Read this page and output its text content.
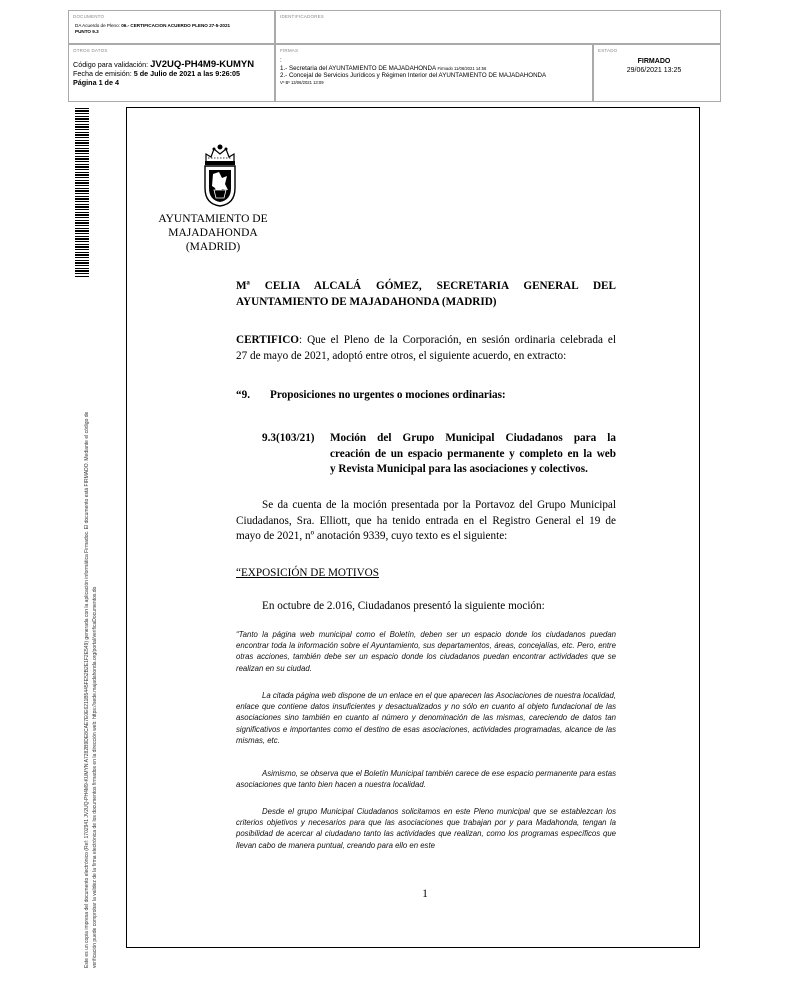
DOCUMENTO
DA Acuerdo de Pleno: 06.- CERTIFICACION ACUERDO PLENO 27-5-2021
PUNTO 9.3
IDENTIFICADORES
OTROS DATOS
Código para validación: JV2UQ-PH4M9-KUMYN
Fecha de emisión: 5 de Julio de 2021 a las 9:26:05
Página 1 de 4
FIRMAS
:
1.- Secretaria del AYUNTAMIENTO DE MAJADAHONDA Firmado 11/06/2021 14:56
2.- Concejal de Servicios Jurídicos y Régimen Interior del AYUNTAMIENTO DE MAJADAHONDA
Vº Bº 13/06/2021 13:09
ESTADO
FIRMADO
29/06/2021 13:25
Este es un copia impresa del documento electrónico (Ref: 1702941 JV2UQ-PH4M9-KUMYN A7282B9DE8CAE7E0E6211B5445FE52B2E1F2E549) generada con la aplicación informática Firmadoc. El documento está FIRMADO. Mediante el código de verificación puede comprobar la validez de la firma electrónica de los documentos firmados en la dirección web: https://sede.majadahonda.org/portal/verificaDocumentos.do
AYUNTAMIENTO DE
MAJADAHONDA
(MADRID)
Mª CELIA ALCALÁ GÓMEZ, SECRETARIA GENERAL DEL
AYUNTAMIENTO DE MAJADAHONDA (MADRID)
CERTIFICO: Que el Pleno de la Corporación, en sesión ordinaria celebrada el
27 de mayo de 2021, adoptó entre otros, el siguiente acuerdo, en extracto:
“9. Proposiciones no urgentes o mociones ordinarias:
9.3(103/21) Moción del Grupo Municipal Ciudadanos para la
creación de un espacio permanente y completo en la web
y Revista Municipal para las asociaciones y colectivos.
Se da cuenta de la moción presentada por la Portavoz del Grupo Municipal
Ciudadanos, Sra. Elliott, que ha tenido entrada en el Registro General el 19 de
mayo de 2021, nº anotación 9339, cuyo texto es el siguiente:
“EXPOSICIÓN DE MOTIVOS
En octubre de 2.016, Ciudadanos presentó la siguiente moción:
“Tanto la página web municipal como el Boletín, deben ser un espacio donde los ciudadanos puedan encontrar toda la información sobre el Ayuntamiento, sus departamentos, áreas, concejalías, etc. Pero, entre otras acciones, también debe ser un espacio donde los ciudadanos puedan encontrar actividades que se realizan en su ciudad.
La citada página web dispone de un enlace en el que aparecen las Asociaciones de nuestra localidad, enlace que contiene datos insuficientes y desactualizados y no sólo en cuanto al objeto fundacional de las asociaciones sino también en cuanto al número y denominación de las mismas, careciendo de datos tan significativos e importantes como el destino de esas asociaciones, actividades programadas, alcance de las mismas, etc.
Asimismo, se observa que el Boletín Municipal también carece de ese espacio permanente para estas asociaciones que tanto bien hacen a nuestra localidad.
Desde el grupo Municipal Ciudadanos solicitamos en este Pleno municipal que se establezcan los criterios objetivos y necesarios para que las asociaciones que trabajan por y para Madahonda, tengan la posibilidad de acercar al ciudadano tanto las actividades que realizan, como los programas específicos que llevan cabo de manera puntual, creando para ello en este
1
